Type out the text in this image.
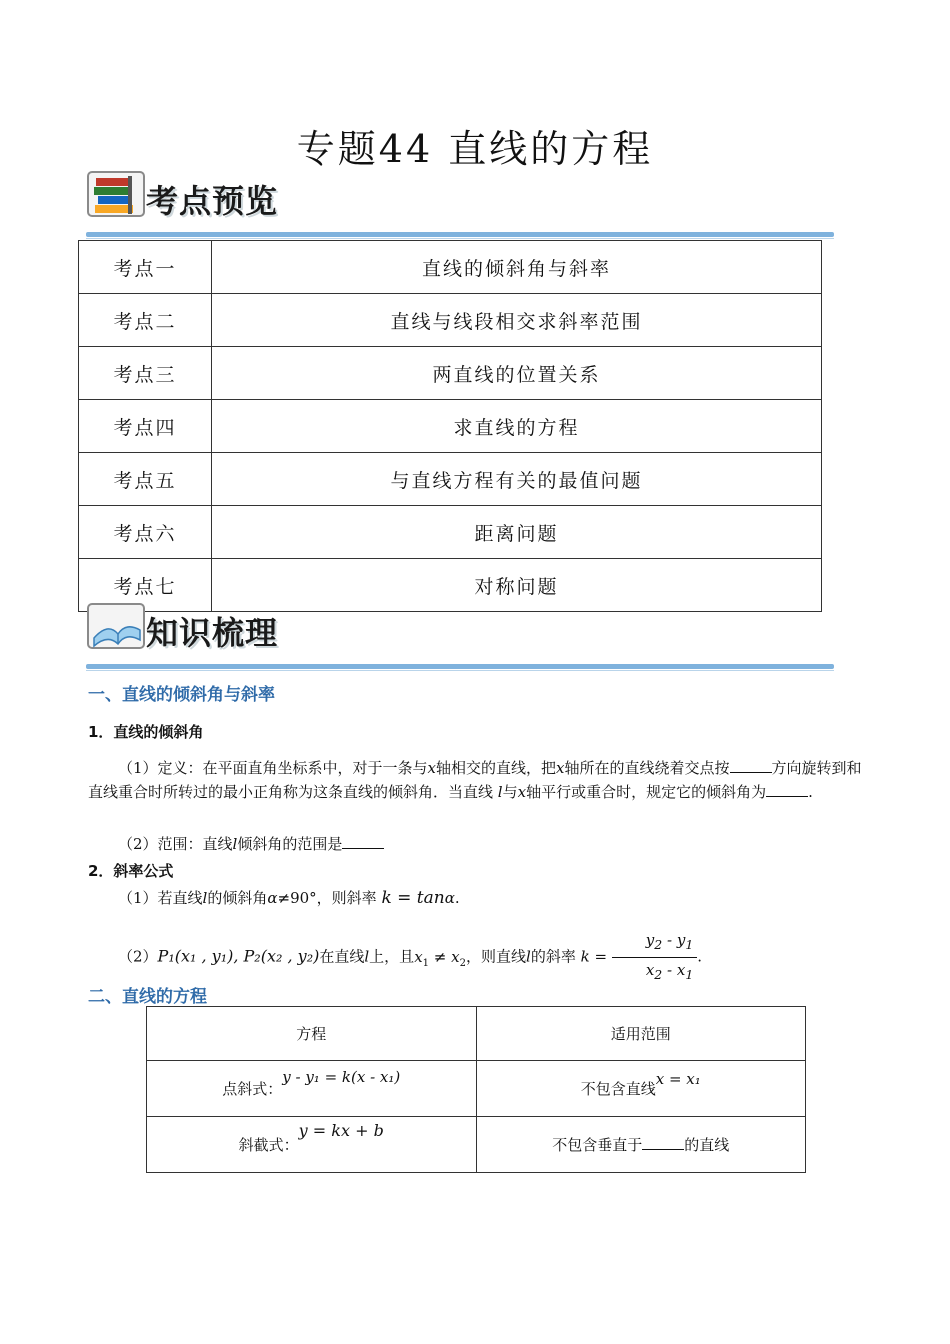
专题44 直线的方程
考点预览
考点一	直线的倾斜角与斜率
考点二	直线与线段相交求斜率范围
考点三	两直线的位置关系
考点四	求直线的方程
考点五	与直线方程有关的最值问题
考点六	距离问题
考点七	对称问题
知识梳理
一、直线的倾斜角与斜率
1．直线的倾斜角
（1）定义：在平面直角坐标系中，对于一条与x轴相交的直线，把x轴所在的直线绕着交点按	方向旋转到和直线重合时所转过的最小正角称为这条直线的倾斜角．当直线 l与x轴平行或重合时，规定它的倾斜角为	.
（2）范围：直线l倾斜角的范围是
2．斜率公式
（1）若直线l的倾斜角α≠90°，则斜率 k = tanα.
（2）P₁(x₁ , y₁), P₂(x₂ , y₂)在直线l上，且$x_1 \ne x_2$，则直线l的斜率 $k = \frac{y_2 - y_1}{x_2 - x_1}$ .
二、直线的方程
方程	适用范围
点斜式：y - y₁ = k(x - x₁)	不包含直线x = x₁
斜截式：y = kx + b	不包含垂直于 的直线
